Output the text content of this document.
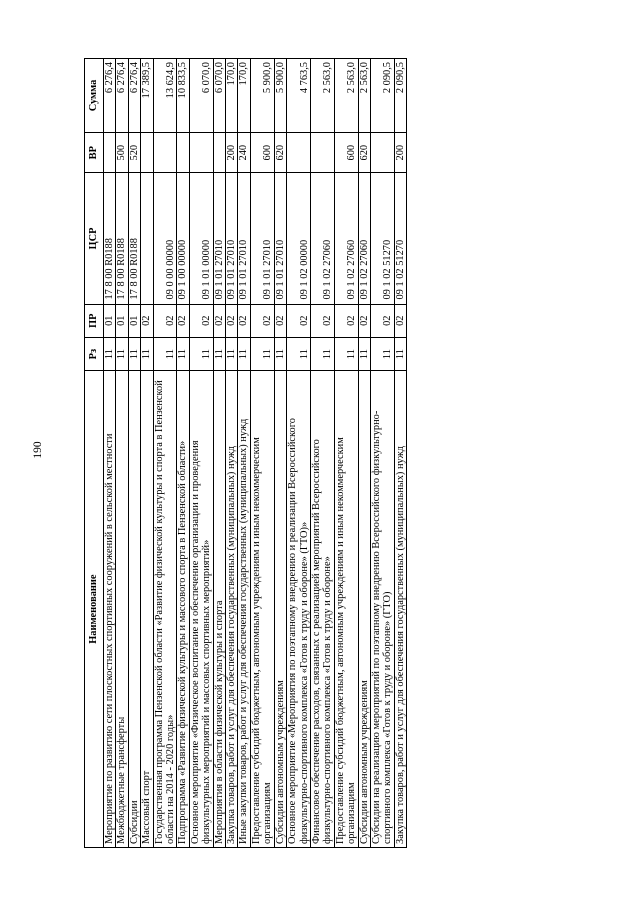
190
Наименование	Рз	ПР	ЦСР	ВР	Сумма
Мероприятие по развитию сети плоскостных спортивных сооружений в сельской местности	11	01	17 8 00 R0188		6 276,4
Межбюджетные трансферты	11	01	17 8 00 R0188	500	6 276,4
Субсидии	11	01	17 8 00 R0188	520	6 276,4
Массовый спорт	11	02			17 389,5
Государственная программа Пензенской области «Развитие физической культуры и спорта в Пензенской области на 2014 - 2020 годы»	11	02	09 0 00 00000		13 624,9
Подпрограмма «Развитие физической культуры и массового спорта в Пензенской области»	11	02	09 1 00 00000		10 833,5
Основное мероприятие «Физическое воспитание и обеспечение организации и проведения физкультурных мероприятий и массовых спортивных мероприятий»	11	02	09 1 01 00000		6 070,0
Мероприятия в области физической культуры и спорта	11	02	09 1 01 27010		6 070,0
Закупка товаров, работ и услуг для обеспечения государственных (муниципальных) нужд	11	02	09 1 01 27010	200	170,0
Иные закупки товаров, работ и услуг для обеспечения государственных (муниципальных) нужд	11	02	09 1 01 27010	240	170,0
Предоставление субсидий бюджетным, автономным учреждениям и иным некоммерческим организациям	11	02	09 1 01 27010	600	5 900,0
Субсидии автономным учреждениям	11	02	09 1 01 27010	620	5 900,0
Основное мероприятие «Мероприятия по поэтапному внедрению и реализации Всероссийского физкультурно-спортивного комплекса «Готов к труду и обороне» (ГТО)»	11	02	09 1 02 00000		4 763,5
Финансовое обеспечение расходов, связанных с реализацией мероприятий Всероссийского физкультурно-спортивного комплекса «Готов к труду и обороне»	11	02	09 1 02 27060		2 563,0
Предоставление субсидий бюджетным, автономным учреждениям и иным некоммерческим организациям	11	02	09 1 02 27060	600	2 563,0
Субсидии автономным учреждениям	11	02	09 1 02 27060	620	2 563,0
Субсидии на реализацию мероприятий по поэтапному внедрению Всероссийского физкультурно-спортивного комплекса «Готов к труду и обороне» (ГТО)	11	02	09 1 02 51270		2 090,5
Закупка товаров, работ и услуг для обеспечения государственных (муниципальных) нужд	11	02	09 1 02 51270	200	2 090,5
